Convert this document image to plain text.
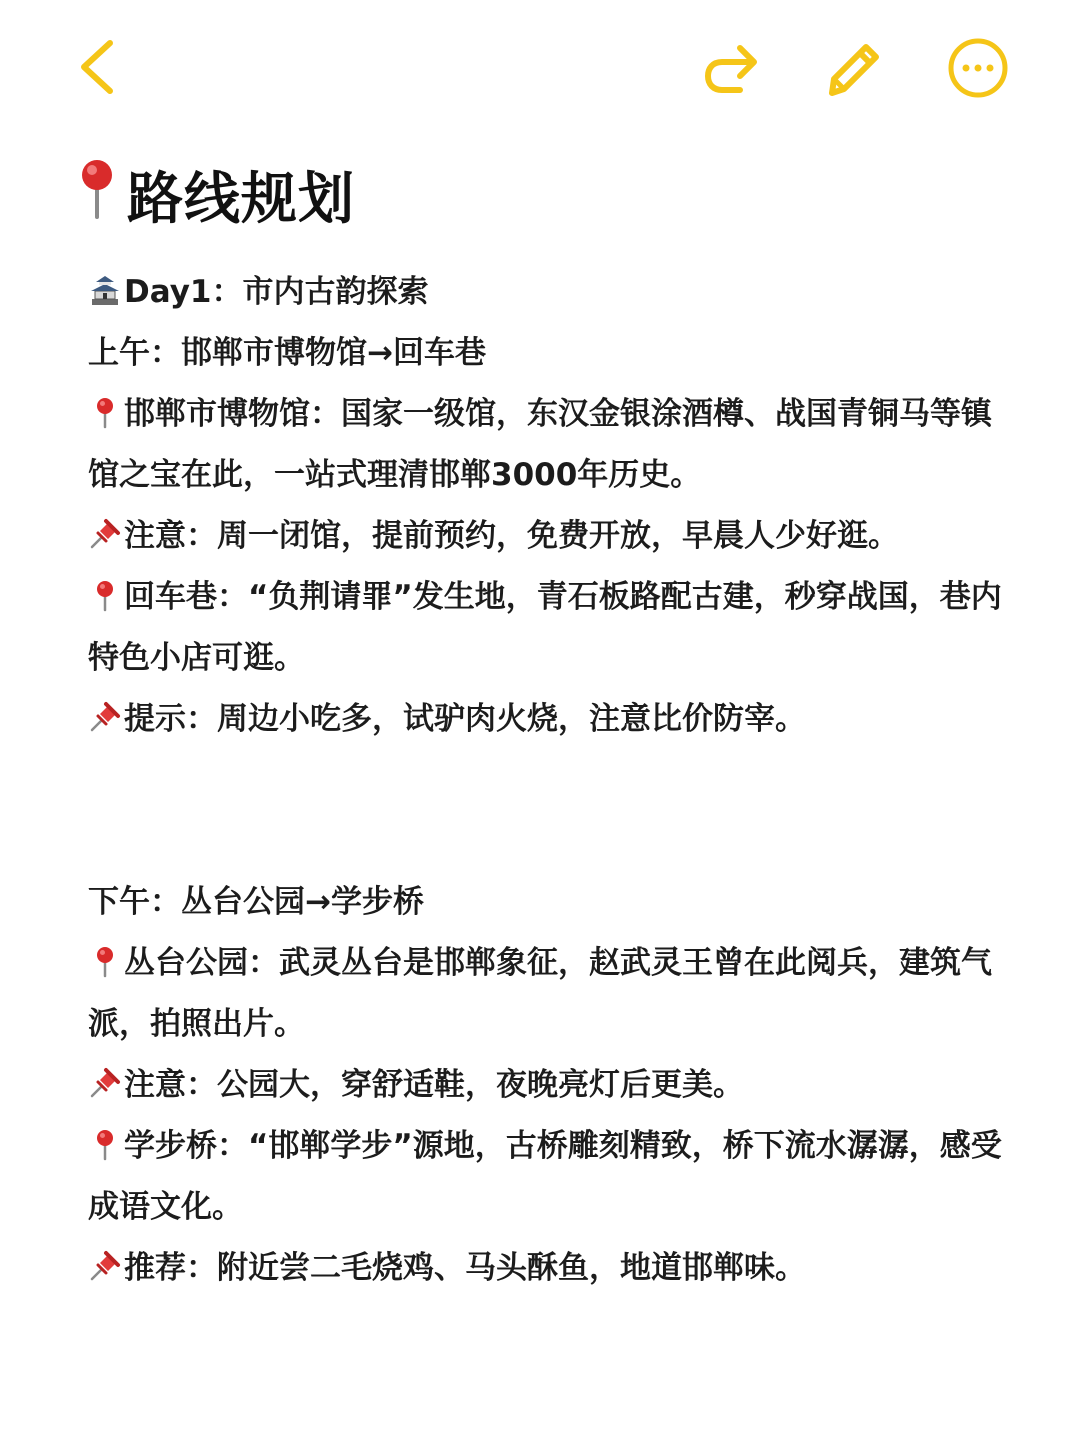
路线规划
Day1：市内古韵探索
上午：邯郸市博物馆→回车巷
邯郸市博物馆：国家一级馆，东汉金银涂酒樽、战国青铜马等镇馆之宝在此，一站式理清邯郸3000年历史。
注意：周一闭馆，提前预约，免费开放，早晨人少好逛。
回车巷：“负荆请罪”发生地，青石板路配古建，秒穿战国，巷内特色小店可逛。
提示：周边小吃多，试驴肉火烧，注意比价防宰。
下午：丛台公园→学步桥
丛台公园：武灵丛台是邯郸象征，赵武灵王曾在此阅兵，建筑气派，拍照出片。
注意：公园大，穿舒适鞋，夜晚亮灯后更美。
学步桥：“邯郸学步”源地，古桥雕刻精致，桥下流水潺潺，感受成语文化。
推荐：附近尝二毛烧鸡、马头酥鱼，地道邯郸味。
